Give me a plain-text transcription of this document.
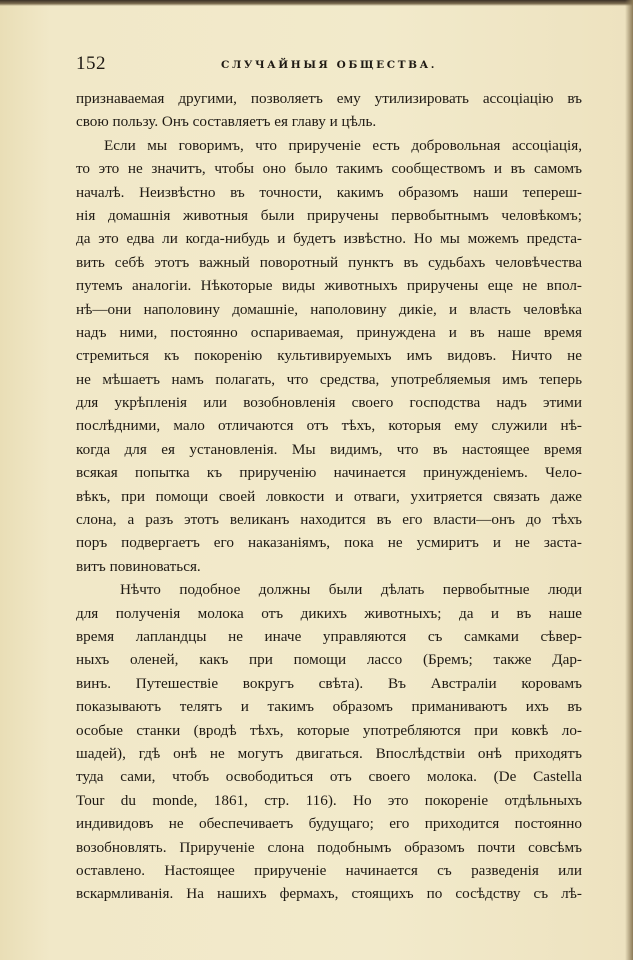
152	СЛУЧАЙНЫЯ ОБЩЕСТВА.
признаваемая другими, позволяетъ ему утилизировать ассоціацію въ
свою пользу. Онъ составляетъ ея главу и цѣль.
Если мы говоримъ, что прирученіе есть добровольная ассоціація,
то это не значитъ, чтобы оно было такимъ сообществомъ и въ самомъ
началѣ. Неизвѣстно въ точности, какимъ образомъ наши тепереш-
нія домашнія животныя были приручены первобытнымъ человѣкомъ;
да это едва ли когда-нибудь и будетъ извѣстно. Но мы можемъ предста-
вить себѣ этотъ важный поворотный пунктъ въ судьбахъ человѣчества
путемъ аналогіи. Нѣкоторые виды животныхъ приручены еще не впол-
нѣ—они наполовину домашніе, наполовину дикіе, и власть человѣка
надъ ними, постоянно оспариваемая, принуждена и въ наше время
стремиться къ покоренію культивируемыхъ имъ видовъ. Ничто не
не мѣшаетъ намъ полагать, что средства, употребляемыя имъ теперь
для укрѣпленія или возобновленія своего господства надъ этими
послѣдними, мало отличаются отъ тѣхъ, которыя ему служили нѣ-
когда для ея установленія. Мы видимъ, что въ настоящее время
всякая попытка къ прирученію начинается принужденіемъ. Чело-
вѣкъ, при помощи своей ловкости и отваги, ухитряется связать даже
слона, а разъ этотъ великанъ находится въ его власти—онъ до тѣхъ
поръ подвергаетъ его наказаніямъ, пока не усмиритъ и не заста-
витъ повиноваться.
Нѣчто подобное должны были дѣлать первобытные люди
для полученія молока отъ дикихъ животныхъ; да и въ наше
время лапландцы не иначе управляются съ самками сѣвер-
ныхъ оленей, какъ при помощи лассо (Бремъ; также Дар-
винъ. Путешествіе вокругъ свѣта). Въ Австраліи коровамъ
показываютъ телятъ и такимъ образомъ приманиваютъ ихъ въ
особые станки (вродѣ тѣхъ, которые употребляются при ковкѣ ло-
шадей), гдѣ онѣ не могутъ двигаться. Впослѣдствіи онѣ приходятъ
туда сами, чтобъ освободиться отъ своего молока. (De Castella
Tour du monde, 1861, стр. 116). Но это покореніе отдѣльныхъ
индивидовъ не обеспечиваетъ будущаго; его приходится постоянно
возобновлять. Прирученіе слона подобнымъ образомъ почти совсѣмъ
оставлено. Настоящее прирученіе начинается съ разведенія или
вскармливанія. На нашихъ фермахъ, стоящихъ по сосѣдству съ лѣ-
